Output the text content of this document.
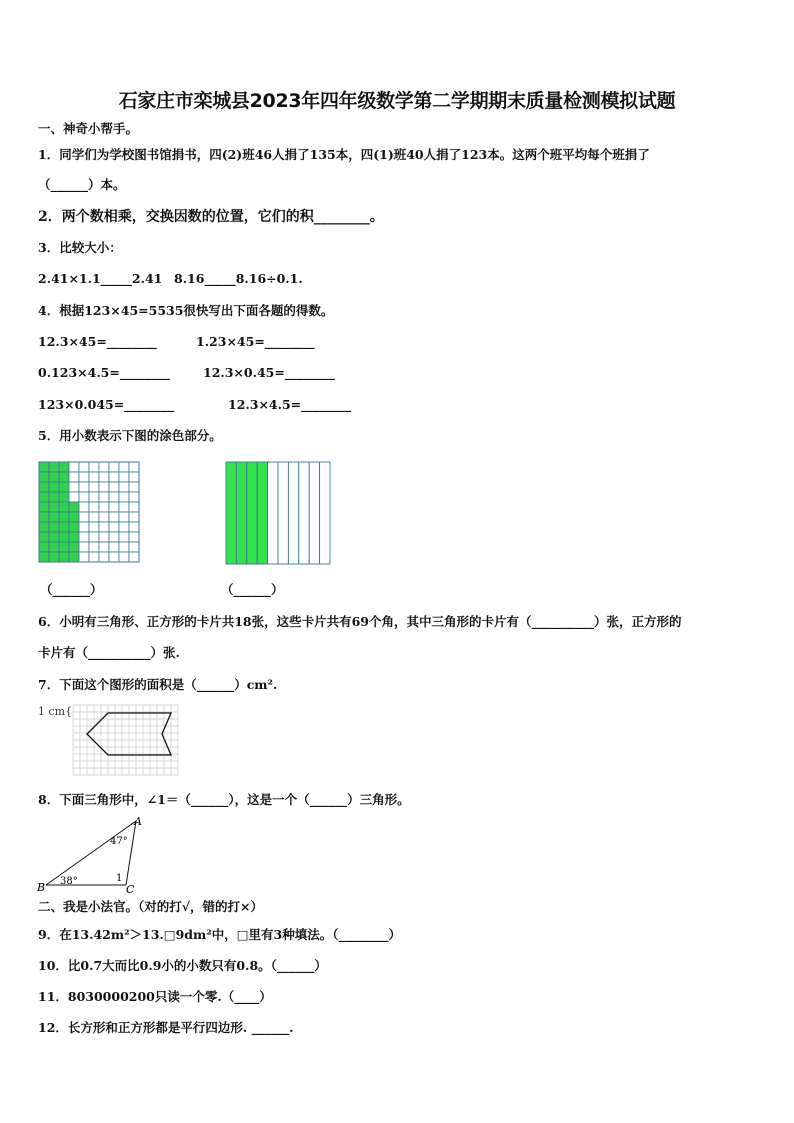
石家庄市栾城县2023年四年级数学第二学期期末质量检测模拟试题
一、神奇小帮手。
1．同学们为学校图书馆捐书，四(2)班46人捐了135本，四(1)班40人捐了123本。这两个班平均每个班捐了
（______）本。
2．两个数相乘，交换因数的位置，它们的积________。
3．比较大小：
2.41×1.1_____2.41 8.16_____8.16÷0.1.
4．根据123×45=5535很快写出下面各题的得数。
12.3×45=________	1.23×45=________
0.123×4.5=________	12.3×0.45=________
123×0.045=________	12.3×4.5=________
5．用小数表示下图的涂色部分。
（______）	（______）
6．小明有三角形、正方形的卡片共18张，这些卡片共有69个角，其中三角形的卡片有（__________）张，正方形的
卡片有（__________）张.
7．下面这个图形的面积是（______）cm².
1 cm{
8．下面三角形中，∠1＝（______），这是一个（______）三角形。
A
B	C
47°
38°	1
二、我是小法官。（对的打√，错的打×）
9．在13.42m²＞13.□9dm²中，□里有3种填法。（________）
10．比0.7大而比0.9小的小数只有0.8。（______）
11．8030000200只读一个零.（____）
12．长方形和正方形都是平行四边形. ______.
